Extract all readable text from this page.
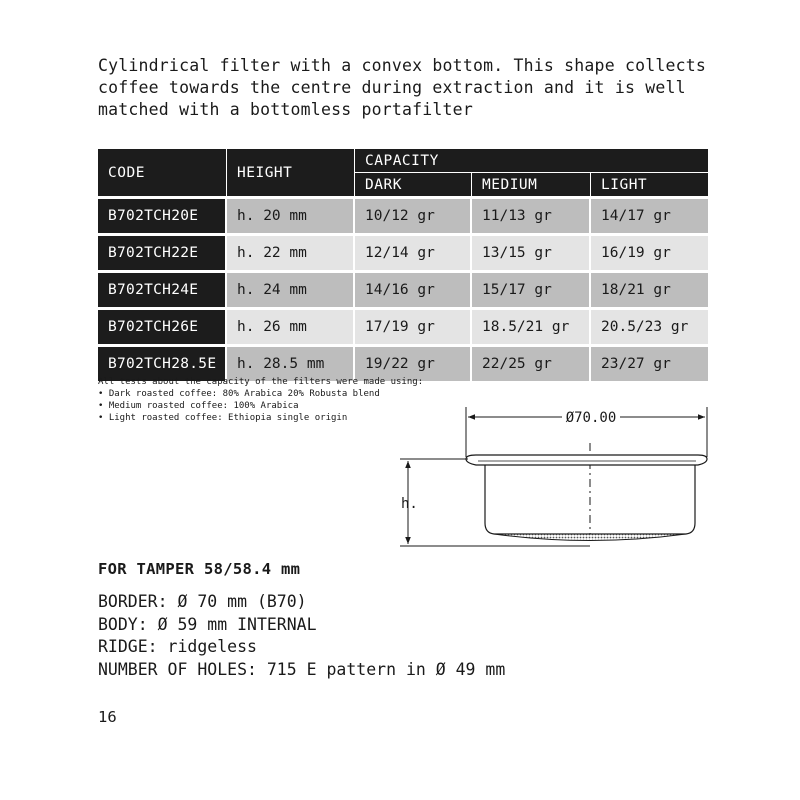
Cylindrical filter with a convex bottom. This shape collects
coffee towards the centre during extraction and it is well
matched with a bottomless portafilter
CODE	HEIGHT	CAPACITY		
		DARK	MEDIUM	LIGHT
B702TCH20E	h. 20 mm	10/12 gr	11/13 gr	14/17 gr
B702TCH22E	h. 22 mm	12/14 gr	13/15 gr	16/19 gr
B702TCH24E	h. 24 mm	14/16 gr	15/17 gr	18/21 gr
B702TCH26E	h. 26 mm	17/19 gr	18.5/21 gr	20.5/23 gr
B702TCH28.5E	h. 28.5 mm	19/22 gr	22/25 gr	23/27 gr
All tests about the capacity of the filters were made using:
• Dark roasted coffee: 80% Arabica 20% Robusta blend
• Medium roasted coffee: 100% Arabica
• Light roasted coffee: Ethiopia single origin	Ø70.00
h.
FOR TAMPER 58/58.4 mm
BORDER: Ø 70 mm (B70)
BODY: Ø 59 mm INTERNAL
RIDGE: ridgeless
NUMBER OF HOLES: 715 E pattern in Ø 49 mm
16
